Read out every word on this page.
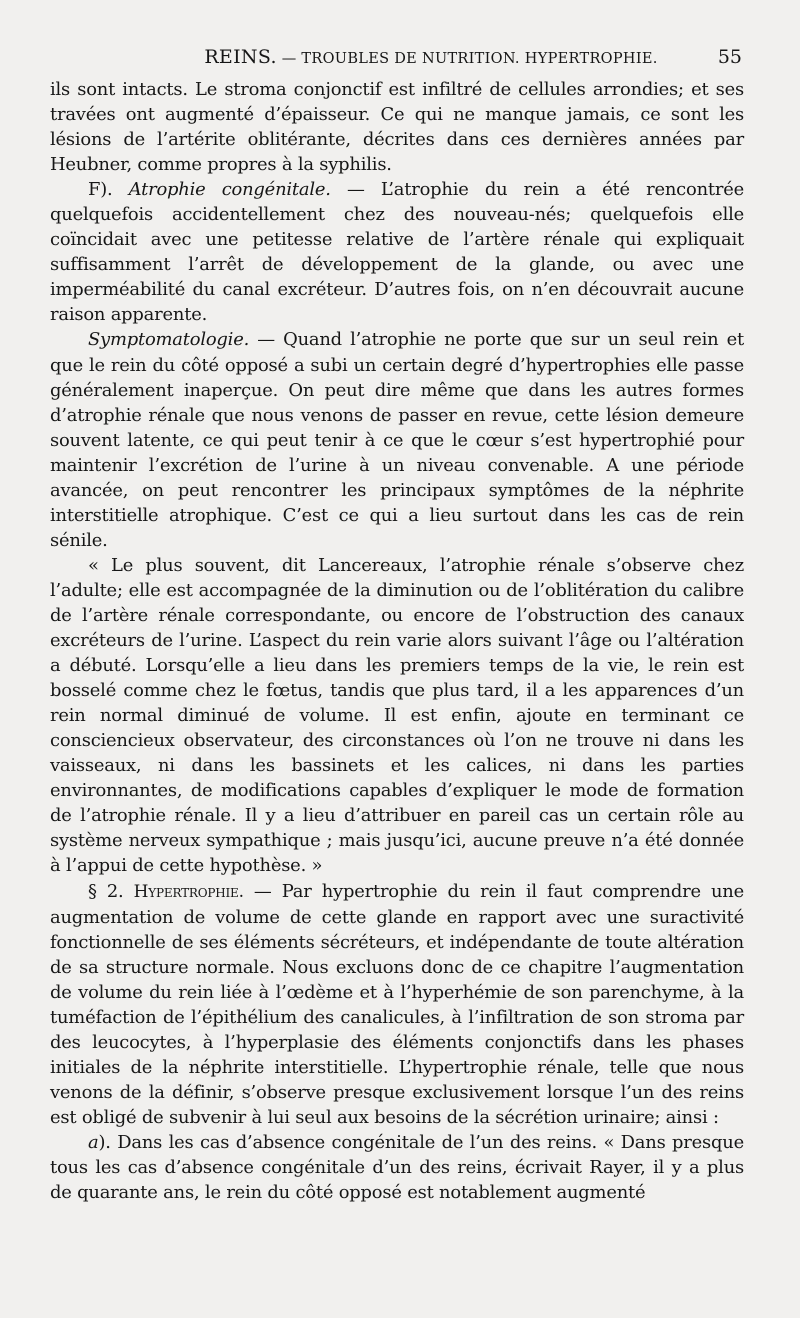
REINS. — TROUBLES DE NUTRITION. HYPERTROPHIE.	55

ils sont intacts. Le stroma conjonctif est infiltré de cellules arrondies; et ses travées ont augmenté d’épaisseur. Ce qui ne manque jamais, ce sont les lésions de l’artérite oblitérante, décrites dans ces dernières années par Heubner, comme propres à la syphilis.

F). Atrophie congénitale. — L’atrophie du rein a été rencontrée quelquefois accidentellement chez des nouveau-nés; quelquefois elle coïncidait avec une petitesse relative de l’artère rénale qui expliquait suffisamment l’arrêt de développement de la glande, ou avec une imperméabilité du canal excréteur. D’autres fois, on n’en découvrait aucune raison apparente.

Symptomatologie. — Quand l’atrophie ne porte que sur un seul rein et que le rein du côté opposé a subi un certain degré d’hypertrophies elle passe généralement inaperçue. On peut dire même que dans les autres formes d’atrophie rénale que nous venons de passer en revue, cette lésion demeure souvent latente, ce qui peut tenir à ce que le cœur s’est hypertrophié pour maintenir l’excrétion de l’urine à un niveau convenable. A une période avancée, on peut rencontrer les principaux symptômes de la néphrite interstitielle atrophique. C’est ce qui a lieu surtout dans les cas de rein sénile.

« Le plus souvent, dit Lancereaux, l’atrophie rénale s’observe chez l’adulte; elle est accompagnée de la diminution ou de l’oblitération du calibre de l’artère rénale correspondante, ou encore de l’obstruction des canaux excréteurs de l’urine. L’aspect du rein varie alors suivant l’âge ou l’altération a débuté. Lorsqu’elle a lieu dans les premiers temps de la vie, le rein est bosselé comme chez le fœtus, tandis que plus tard, il a les apparences d’un rein normal diminué de volume. Il est enfin, ajoute en terminant ce consciencieux observateur, des circonstances où l’on ne trouve ni dans les vaisseaux, ni dans les bassinets et les calices, ni dans les parties environnantes, de modifications capables d’expliquer le mode de formation de l’atrophie rénale. Il y a lieu d’attribuer en pareil cas un certain rôle au système nerveux sympathique ; mais jusqu’ici, aucune preuve n’a été donnée à l’appui de cette hypothèse. »

§ 2. Hypertrophie. — Par hypertrophie du rein il faut comprendre une augmentation de volume de cette glande en rapport avec une suractivité fonctionnelle de ses éléments sécréteurs, et indépendante de toute altération de sa structure normale. Nous excluons donc de ce chapitre l’augmentation de volume du rein liée à l’œdème et à l’hyperhémie de son parenchyme, à la tuméfaction de l’épithélium des canalicules, à l’infiltration de son stroma par des leucocytes, à l’hyperplasie des éléments conjonctifs dans les phases initiales de la néphrite interstitielle. L’hypertrophie rénale, telle que nous venons de la définir, s’observe presque exclusivement lorsque l’un des reins est obligé de subvenir à lui seul aux besoins de la sécrétion urinaire; ainsi :

a). Dans les cas d’absence congénitale de l’un des reins. « Dans presque tous les cas d’absence congénitale d’un des reins, écrivait Rayer, il y a plus de quarante ans, le rein du côté opposé est notablement augmenté
